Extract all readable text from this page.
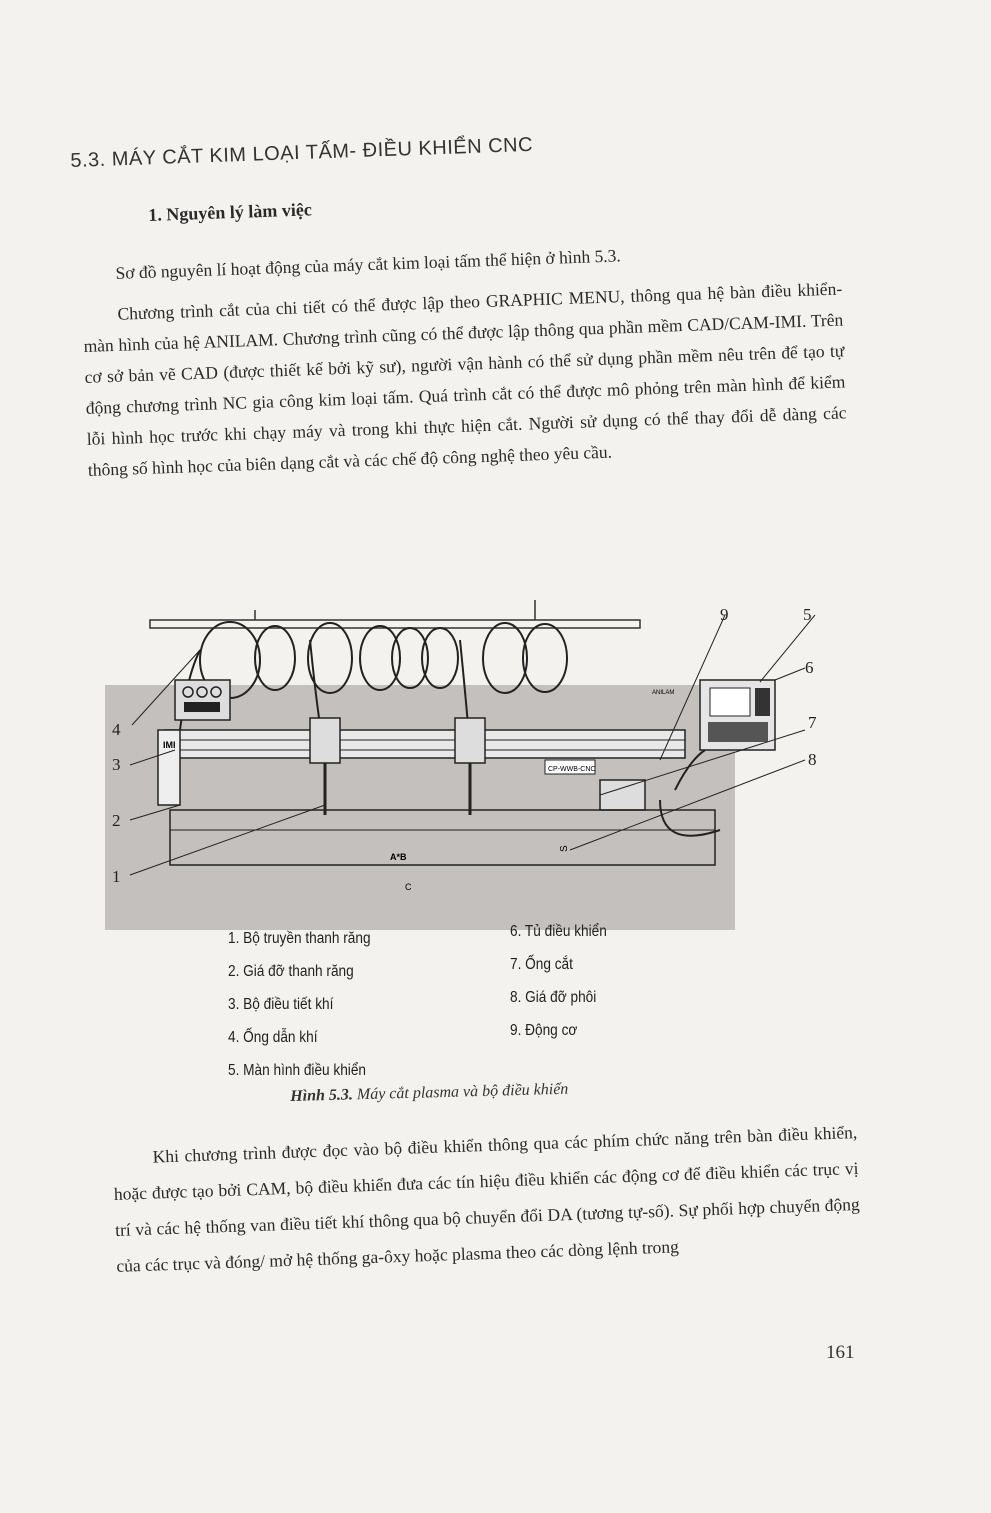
5.3. MÁY CẮT KIM LOẠI TẤM- ĐIỀU KHIỂN CNC
1. Nguyên lý làm việc
Sơ đồ nguyên lí hoạt động của máy cắt kim loại tấm thể hiện ở hình 5.3.

Chương trình cắt của chi tiết có thể được lập theo GRAPHIC MENU, thông qua hệ bàn điều khiển- màn hình của hệ ANILAM. Chương trình cũng có thể được lập thông qua phần mềm CAD/CAM-IMI. Trên cơ sở bản vẽ CAD (được thiết kế bởi kỹ sư), người vận hành có thể sử dụng phần mềm nêu trên để tạo tự động chương trình NC gia công kim loại tấm. Quá trình cắt có thể được mô phỏng trên màn hình để kiểm lỗi hình học trước khi chạy máy và trong khi thực hiện cắt. Người sử dụng có thể thay đổi dễ dàng các thông số hình học của biên dạng cắt và các chế độ công nghệ theo yêu cầu.

IMI
CP-WWB-CNC
ANILAM
A*B
C
S
1
2
3
4
5
6
7
8
9
1. Bộ truyền thanh răng
2. Giá đỡ thanh răng
3. Bộ điều tiết khí
4. Ống dẫn khí
5. Màn hình điều khiển
6. Tủ điều khiển
7. Ống cắt
8. Giá đỡ phôi
9. Động cơ
Hình 5.3. Máy cắt plasma và bộ điều khiển

Khi chương trình được đọc vào bộ điều khiển thông qua các phím chức năng trên bàn điều khiển, hoặc được tạo bởi CAM, bộ điều khiển đưa các tín hiệu điều khiển các động cơ để điều khiển các trục vị trí và các hệ thống van điều tiết khí thông qua bộ chuyển đổi DA (tương tự-số). Sự phối hợp chuyển động của các trục và đóng/ mở hệ thống ga-ôxy hoặc plasma theo các dòng lệnh trong

161
